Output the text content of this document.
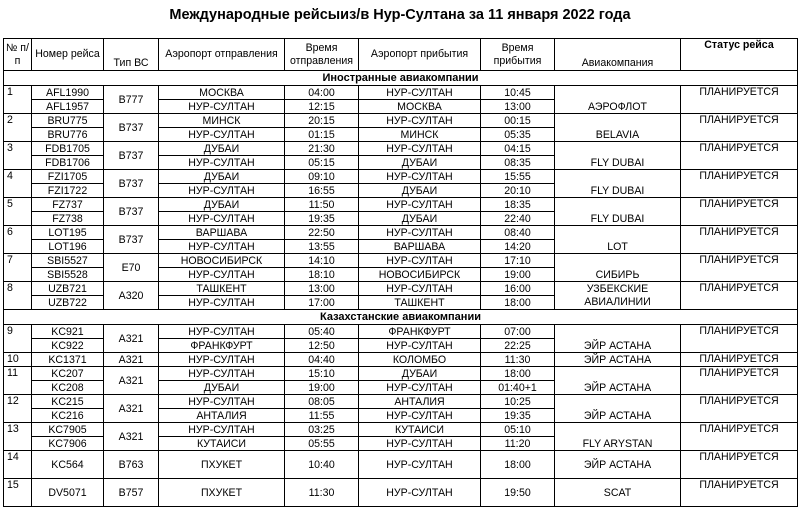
Международные рейсыиз/в Нур-Султана за 11 января 2022 года
№ п/п	Номер рейса	Тип ВС	Аэропорт отправления	Время отправления	Аэропорт прибытия	Время прибытия	Авиакомпания	Статус рейса
Иностранные авиакомпании								
1	AFL1990	B777	МОСКВА	04:00	НУР-СУЛТАН	10:45	АЭРОФЛОТ	ПЛАНИРУЕТСЯ
	AFL1957		НУР-СУЛТАН	12:15	МОСКВА	13:00		
2	BRU775	B737	МИНСК	20:15	НУР-СУЛТАН	00:15	BELAVIA	ПЛАНИРУЕТСЯ
	BRU776		НУР-СУЛТАН	01:15	МИНСК	05:35		
3	FDB1705	B737	ДУБАИ	21:30	НУР-СУЛТАН	04:15	FLY DUBAI	ПЛАНИРУЕТСЯ
	FDB1706		НУР-СУЛТАН	05:15	ДУБАИ	08:35		
4	FZI1705	B737	ДУБАИ	09:10	НУР-СУЛТАН	15:55	FLY DUBAI	ПЛАНИРУЕТСЯ
	FZI1722		НУР-СУЛТАН	16:55	ДУБАИ	20:10		
5	FZ737	B737	ДУБАИ	11:50	НУР-СУЛТАН	18:35	FLY DUBAI	ПЛАНИРУЕТСЯ
	FZ738		НУР-СУЛТАН	19:35	ДУБАИ	22:40		
6	LOT195	B737	ВАРШАВА	22:50	НУР-СУЛТАН	08:40	LOT	ПЛАНИРУЕТСЯ
	LOT196		НУР-СУЛТАН	13:55	ВАРШАВА	14:20		
7	SBI5527	E70	НОВОСИБИРСК	14:10	НУР-СУЛТАН	17:10	СИБИРЬ	ПЛАНИРУЕТСЯ
	SBI5528		НУР-СУЛТАН	18:10	НОВОСИБИРСК	19:00		
8	UZB721	A320	ТАШКЕНТ	13:00	НУР-СУЛТАН	16:00	УЗБЕКСКИЕ АВИАЛИНИИ	ПЛАНИРУЕТСЯ
	UZB722		НУР-СУЛТАН	17:00	ТАШКЕНТ	18:00		
Казахстанские авиакомпании								
9	KC921	A321	НУР-СУЛТАН	05:40	ФРАНКФУРТ	07:00	ЭЙР АСТАНА	ПЛАНИРУЕТСЯ
	KC922		ФРАНКФУРТ	12:50	НУР-СУЛТАН	22:25		
10	KC1371	A321	НУР-СУЛТАН	04:40	КОЛОМБО	11:30	ЭЙР АСТАНА	ПЛАНИРУЕТСЯ
11	KC207	A321	НУР-СУЛТАН	15:10	ДУБАИ	18:00	ЭЙР АСТАНА	ПЛАНИРУЕТСЯ
	KC208		ДУБАИ	19:00	НУР-СУЛТАН	01:40+1		
12	KC215	A321	НУР-СУЛТАН	08:05	АНТАЛИЯ	10:25	ЭЙР АСТАНА	ПЛАНИРУЕТСЯ
	KC216		АНТАЛИЯ	11:55	НУР-СУЛТАН	19:35		
13	KC7905	A321	НУР-СУЛТАН	03:25	КУТАИСИ	05:10	FLY ARYSTAN	ПЛАНИРУЕТСЯ
	KC7906		КУТАИСИ	05:55	НУР-СУЛТАН	11:20		
14	KC564	B763	ПХУКЕТ	10:40	НУР-СУЛТАН	18:00	ЭЙР АСТАНА	ПЛАНИРУЕТСЯ
15	DV5071	B757	ПХУКЕТ	11:30	НУР-СУЛТАН	19:50	SCAT	ПЛАНИРУЕТСЯ
